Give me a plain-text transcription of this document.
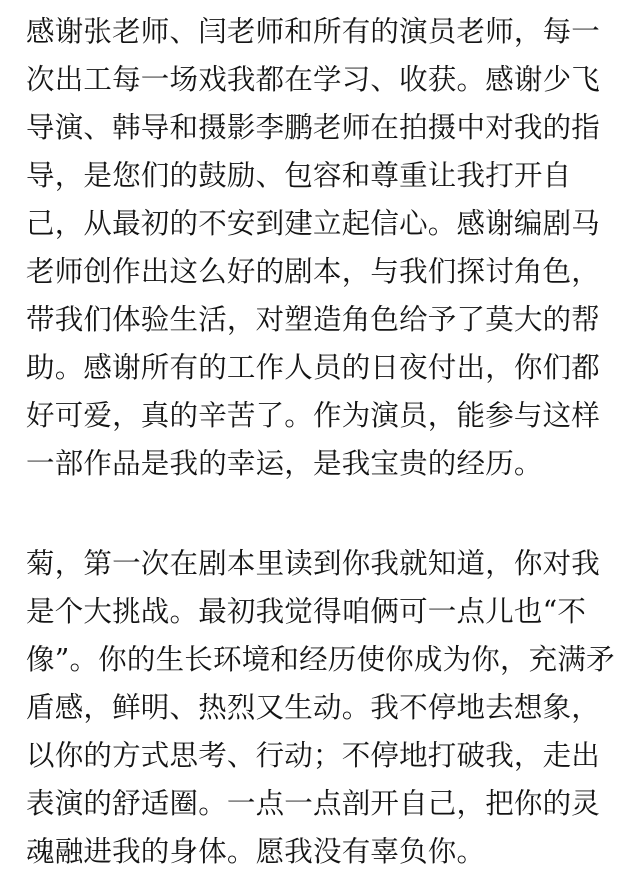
感谢张老师、闫老师和所有的演员老师，每一
次出工每一场戏我都在学习、收获。感谢少飞
导演、韩导和摄影李鹏老师在拍摄中对我的指
导，是您们的鼓励、包容和尊重让我打开自
己，从最初的不安到建立起信心。感谢编剧马
老师创作出这么好的剧本，与我们探讨角色，
带我们体验生活，对塑造角色给予了莫大的帮
助。感谢所有的工作人员的日夜付出，你们都
好可爱，真的辛苦了。作为演员，能参与这样
一部作品是我的幸运，是我宝贵的经历。
菊，第一次在剧本里读到你我就知道，你对我
是个大挑战。最初我觉得咱俩可一点儿也“不
像”。你的生长环境和经历使你成为你，充满矛
盾感，鲜明、热烈又生动。我不停地去想象，
以你的方式思考、行动；不停地打破我，走出
表演的舒适圈。一点一点剖开自己，把你的灵
魂融进我的身体。愿我没有辜负你。
